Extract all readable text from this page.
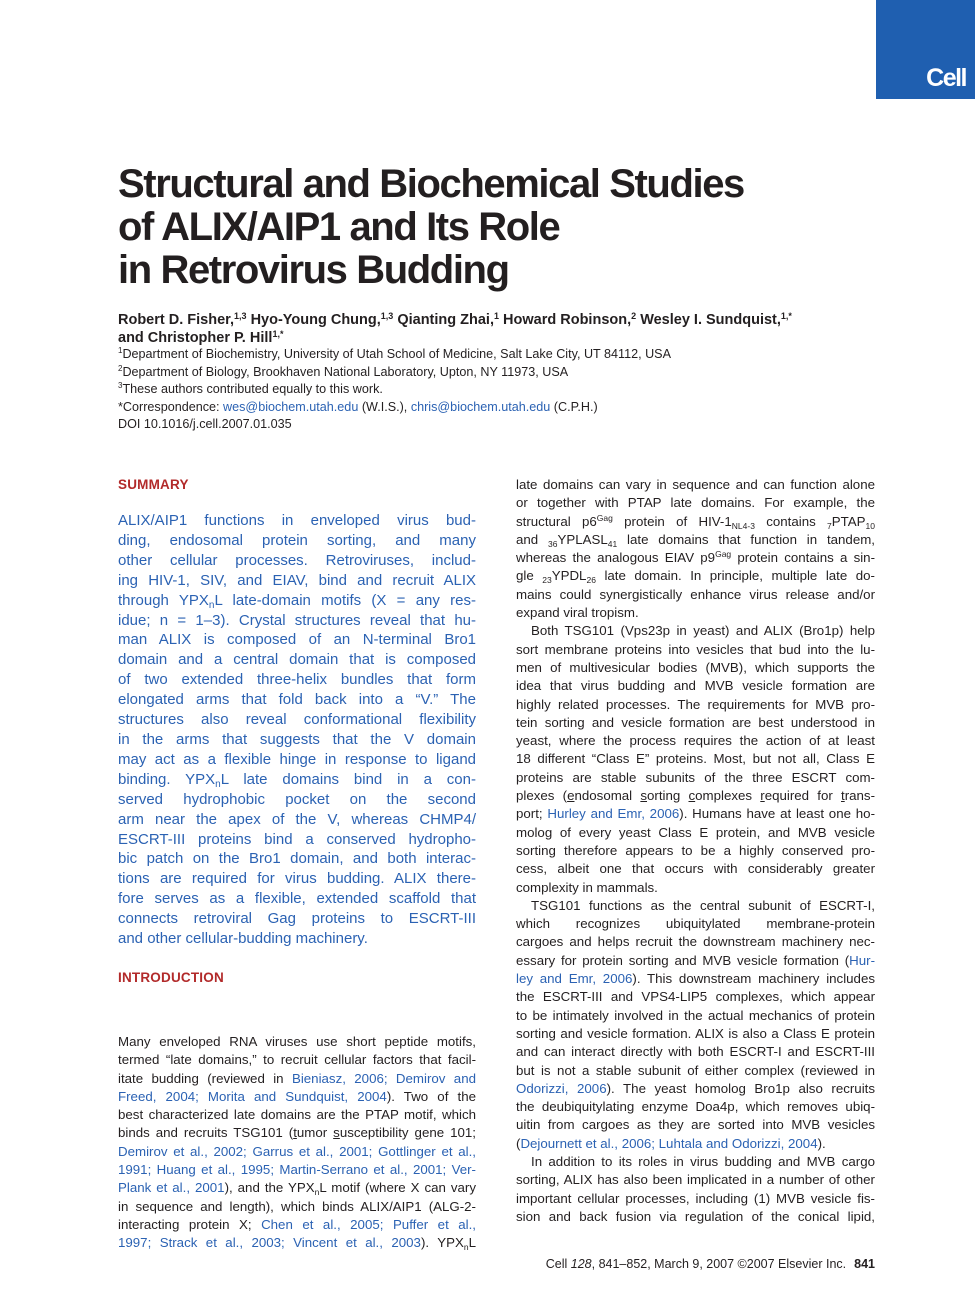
Cell
Structural and Biochemical Studies
of ALIX/AIP1 and Its Role
in Retrovirus Budding
Robert D. Fisher,$^{1,3}$ Hyo-Young Chung,$^{1,3}$ Qianting Zhai,$^1$ Howard Robinson,$^2$ Wesley I. Sundquist,$^{1,*}$
and Christopher P. Hill$^{1,*}$
$^1$Department of Biochemistry, University of Utah School of Medicine, Salt Lake City, UT 84112, USA
$^2$Department of Biology, Brookhaven National Laboratory, Upton, NY 11973, USA
$^3$These authors contributed equally to this work.
*Correspondence: wes@biochem.utah.edu (W.I.S.), chris@biochem.utah.edu (C.P.H.)
DOI 10.1016/j.cell.2007.01.035
SUMMARY
ALIX/AIP1 functions in enveloped virus bud-
ding, endosomal protein sorting, and many
other cellular processes. Retroviruses, includ-
ing HIV-1, SIV, and EIAV, bind and recruit ALIX
through $YPX_nL$ late-domain motifs (X = any res-
idue; n = 1–3). Crystal structures reveal that hu-
man ALIX is composed of an N-terminal Bro1
domain and a central domain that is composed
of two extended three-helix bundles that form
elongated arms that fold back into a “V.” The
structures also reveal conformational flexibility
in the arms that suggests that the V domain
may act as a flexible hinge in response to ligand
binding. $YPX_nL$ late domains bind in a con-
served hydrophobic pocket on the second
arm near the apex of the V, whereas CHMP4/
ESCRT-III proteins bind a conserved hydropho-
bic patch on the Bro1 domain, and both interac-
tions are required for virus budding. ALIX there-
fore serves as a flexible, extended scaffold that
connects retroviral Gag proteins to ESCRT-III
and other cellular-budding machinery.
INTRODUCTION
Many enveloped RNA viruses use short peptide motifs,
termed “late domains,” to recruit cellular factors that facil-
itate budding (reviewed in Bieniasz, 2006; Demirov and
Freed, 2004; Morita and Sundquist, 2004). Two of the
best characterized late domains are the PTAP motif, which
binds and recruits TSG101 (tumor susceptibility gene 101;
Demirov et al., 2002; Garrus et al., 2001; Gottlinger et al.,
1991; Huang et al., 1995; Martin-Serrano et al., 2001; Ver-
Plank et al., 2001), and the $YPX_nL$ motif (where X can vary
in sequence and length), which binds ALIX/AIP1 (ALG-2-
interacting protein X; Chen et al., 2005; Puffer et al.,
1997; Strack et al., 2003; Vincent et al., 2003). $YPX_nL$
late domains can vary in sequence and can function alone
or together with PTAP late domains. For example, the
structural $p6^{Gag}$ protein of HIV-$1_{NL4-3}$ contains $_7PTAP_{10}$
and $_{36}YPLASL_{41}$ late domains that function in tandem,
whereas the analogous EIAV $p9^{Gag}$ protein contains a sin-
gle $_{23}YPDL_{26}$ late domain. In principle, multiple late do-
mains could synergistically enhance virus release and/or
expand viral tropism.
Both TSG101 (Vps23p in yeast) and ALIX (Bro1p) help
sort membrane proteins into vesicles that bud into the lu-
men of multivesicular bodies (MVB), which supports the
idea that virus budding and MVB vesicle formation are
highly related processes. The requirements for MVB pro-
tein sorting and vesicle formation are best understood in
yeast, where the process requires the action of at least
18 different “Class E” proteins. Most, but not all, Class E
proteins are stable subunits of the three ESCRT com-
plexes (endosomal sorting complexes required for trans-
port; Hurley and Emr, 2006). Humans have at least one ho-
molog of every yeast Class E protein, and MVB vesicle
sorting therefore appears to be a highly conserved pro-
cess, albeit one that occurs with considerably greater
complexity in mammals.
TSG101 functions as the central subunit of ESCRT-I,
which recognizes ubiquitylated membrane-protein
cargoes and helps recruit the downstream machinery nec-
essary for protein sorting and MVB vesicle formation (Hur-
ley and Emr, 2006). This downstream machinery includes
the ESCRT-III and VPS4-LIP5 complexes, which appear
to be intimately involved in the actual mechanics of protein
sorting and vesicle formation. ALIX is also a Class E protein
and can interact directly with both ESCRT-I and ESCRT-III
but is not a stable subunit of either complex (reviewed in
Odorizzi, 2006). The yeast homolog Bro1p also recruits
the deubiquitylating enzyme Doa4p, which removes ubiq-
uitin from cargoes as they are sorted into MVB vesicles
(Dejournett et al., 2006; Luhtala and Odorizzi, 2004).
In addition to its roles in virus budding and MVB cargo
sorting, ALIX has also been implicated in a number of other
important cellular processes, including (1) MVB vesicle fis-
sion and back fusion via regulation of the conical lipid,
Cell 128, 841–852, March 9, 2007 ©2007 Elsevier Inc. 841
